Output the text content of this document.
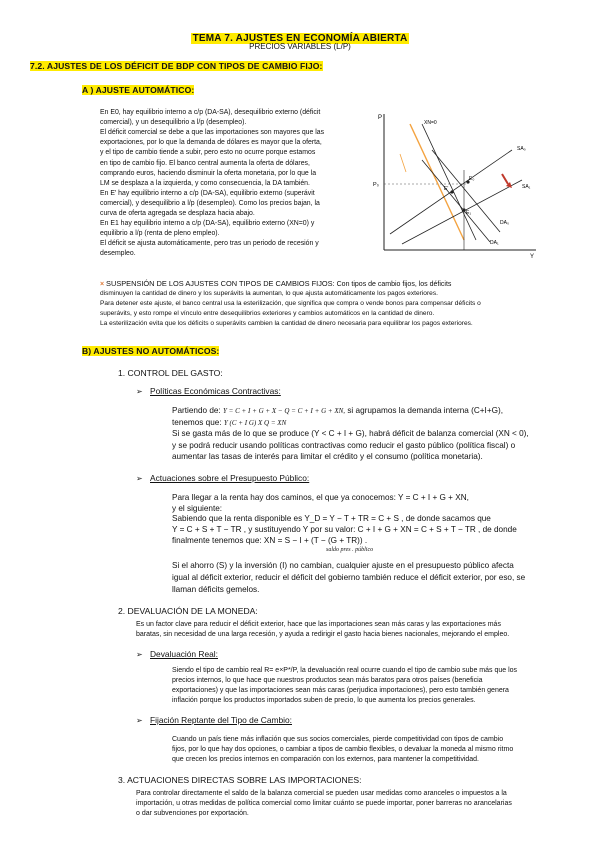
TEMA 7. AJUSTES EN ECONOMÍA ABIERTA
PRECIOS VARIABLES (L/P)
7.2. AJUSTES DE LOS DÉFICIT DE BDP CON TIPOS DE CAMBIO FIJO:
A ) AJUSTE AUTOMÁTICO:
En E0, hay equilibrio interno a c/p (DA-SA), desequilibrio externo (déficit
comercial), y un desequilibrio a l/p (desempleo).
El déficit comercial se debe a que las importaciones son mayores que las
exportaciones, por lo que la demanda de dólares es mayor que la oferta,
y el tipo de cambio tiende a subir, pero esto no ocurre porque estamos
en tipo de cambio fijo. El banco central aumenta la oferta de dólares,
comprando euros, haciendo disminuir la oferta monetaria, por lo que la
LM se desplaza a la izquierda, y como consecuencia, la DA también.
En E' hay equilibrio interno a c/p (DA-SA), equilibrio externo (superávit
comercial), y desequilibrio a l/p (desempleo). Como los precios bajan, la
curva de oferta agregada se desplaza hacia abajo.
En E1 hay equilibrio interno a c/p (DA-SA), equilibrio externo (XN=0) y
equilibrio a l/p (renta de pleno empleo).
El déficit se ajusta automáticamente, pero tras un periodo de recesión y
desempleo.
P
Y
P₀
XN=0
SA₀
SA₁
DA₀
DA₁
E₀
E'
E₁
× SUSPENSIÓN DE LOS AJUSTES CON TIPOS DE CAMBIOS FIJOS: Con tipos de cambio fijos, los déficits
disminuyen la cantidad de dinero y los superávits la aumentan, lo que ajusta automáticamente los pagos exteriores.
Para detener este ajuste, el banco central usa la esterilización, que significa que compra o vende bonos para compensar déficits o
superávits, y esto rompe el vínculo entre desequilibrios exteriores y cambios automáticos en la cantidad de dinero.
La esterilización evita que los déficits o superávits cambien la cantidad de dinero necesaria para equilibrar los pagos exteriores.
B) AJUSTES NO AUTOMÁTICOS:
1. CONTROL DEL GASTO:
➢ Políticas Económicas Contractivas:
Partiendo de: Y = C + I + G + X − Q = C + I + G + XN, si agrupamos la demanda interna (C+I+G),
tenemos que: Y (C + I G) X Q = XN
Si se gasta más de lo que se produce (Y < C + I + G), habrá déficit de balanza comercial (XN < 0),
y se podrá reducir usando políticas contractivas como reducir el gasto público (política fiscal) o
aumentar las tasas de interés para limitar el crédito y el consumo (política monetaria).
➢ Actuaciones sobre el Presupuesto Público:
Para llegar a la renta hay dos caminos, el que ya conocemos: Y = C + I + G + XN,
y el siguiente:
Sabiendo que la renta disponible es Y_D = Y − T + TR = C + S , de donde sacamos que
Y = C + S + T − TR , y sustituyendo Y por su valor: C + I + G + XN = C + S + T − TR , de donde
finalmente tenemos que: XN = S − I + (T − (G + TR)) .
saldo pres . público
Si el ahorro (S) y la inversión (I) no cambian, cualquier ajuste en el presupuesto público afecta
igual al déficit exterior, reducir el déficit del gobierno también reduce el déficit exterior, por eso, se
llaman déficits gemelos.
2. DEVALUACIÓN DE LA MONEDA:
Es un factor clave para reducir el déficit exterior, hace que las importaciones sean más caras y las exportaciones más
baratas, sin necesidad de una larga recesión, y ayuda a redirigir el gasto hacia bienes nacionales, mejorando el empleo.
➢ Devaluación Real:
Siendo el tipo de cambio real R= e×P*/P, la devaluación real ocurre cuando el tipo de cambio sube más que los
precios internos, lo que hace que nuestros productos sean más baratos para otros países (beneficia
exportaciones) y que las importaciones sean más caras (perjudica importaciones), pero esto también genera
inflación porque los productos importados suben de precio, lo que aumenta los precios generales.
➢ Fijación Reptante del Tipo de Cambio:
Cuando un país tiene más inflación que sus socios comerciales, pierde competitividad con tipos de cambio
fijos, por lo que hay dos opciones, o cambiar a tipos de cambio flexibles, o devaluar la moneda al mismo ritmo
que crecen los precios internos en comparación con los externos, para mantener la competitividad.
3. ACTUACIONES DIRECTAS SOBRE LAS IMPORTACIONES:
Para controlar directamente el saldo de la balanza comercial se pueden usar medidas como aranceles o impuestos a la
importación, u otras medidas de política comercial como limitar cuánto se puede importar, poner barreras no arancelarias
o dar subvenciones por exportación.
